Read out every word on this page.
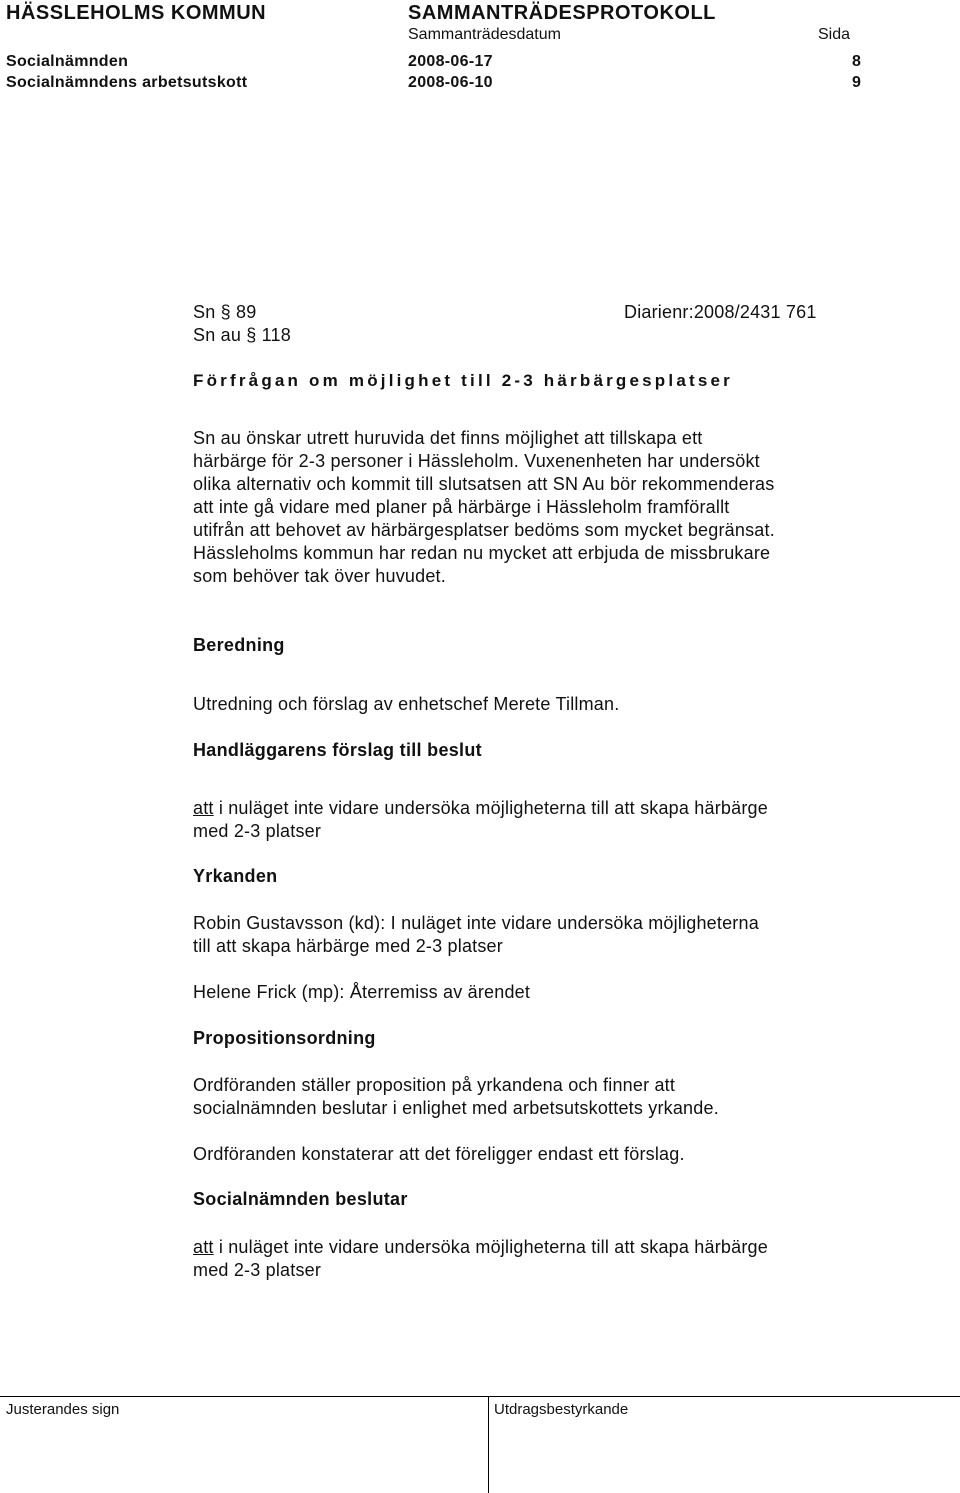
HÄSSLEHOLMS KOMMUN	SAMMANTRÄDESPROTOKOLL
Sammanträdesdatum	Sida
Socialnämnden	2008-06-17	8
Socialnämndens arbetsutskott	2008-06-10	9
Sn § 89
Sn au § 118
Diarienr:2008/2431 761
Förfrågan om möjlighet till 2-3 härbärgesplatser

Sn au önskar utrett huruvida det finns möjlighet att tillskapa ett

härbärge för 2-3 personer i Hässleholm. Vuxenenheten har undersökt

olika alternativ och kommit till slutsatsen att SN Au bör rekommenderas

att inte gå vidare med planer på härbärge i Hässleholm framförallt

utifrån att behovet av härbärgesplatser bedöms som mycket begränsat.

Hässleholms kommun har redan nu mycket att erbjuda de missbrukare

som behöver tak över huvudet.

Beredning
Utredning och förslag av enhetschef Merete Tillman.
Handläggarens förslag till beslut

att i nuläget inte vidare undersöka möjligheterna till att skapa härbärge

med 2-3 platser

Yrkanden

Robin Gustavsson (kd): I nuläget inte vidare undersöka möjligheterna

till att skapa härbärge med 2-3 platser

Helene Frick (mp): Återremiss av ärendet
Propositionsordning

Ordföranden ställer proposition på yrkandena och finner att

socialnämnden beslutar i enlighet med arbetsutskottets yrkande.

Ordföranden konstaterar att det föreligger endast ett förslag.
Socialnämnden beslutar

att i nuläget inte vidare undersöka möjligheterna till att skapa härbärge

med 2-3 platser

Justerandes sign	Utdragsbestyrkande
